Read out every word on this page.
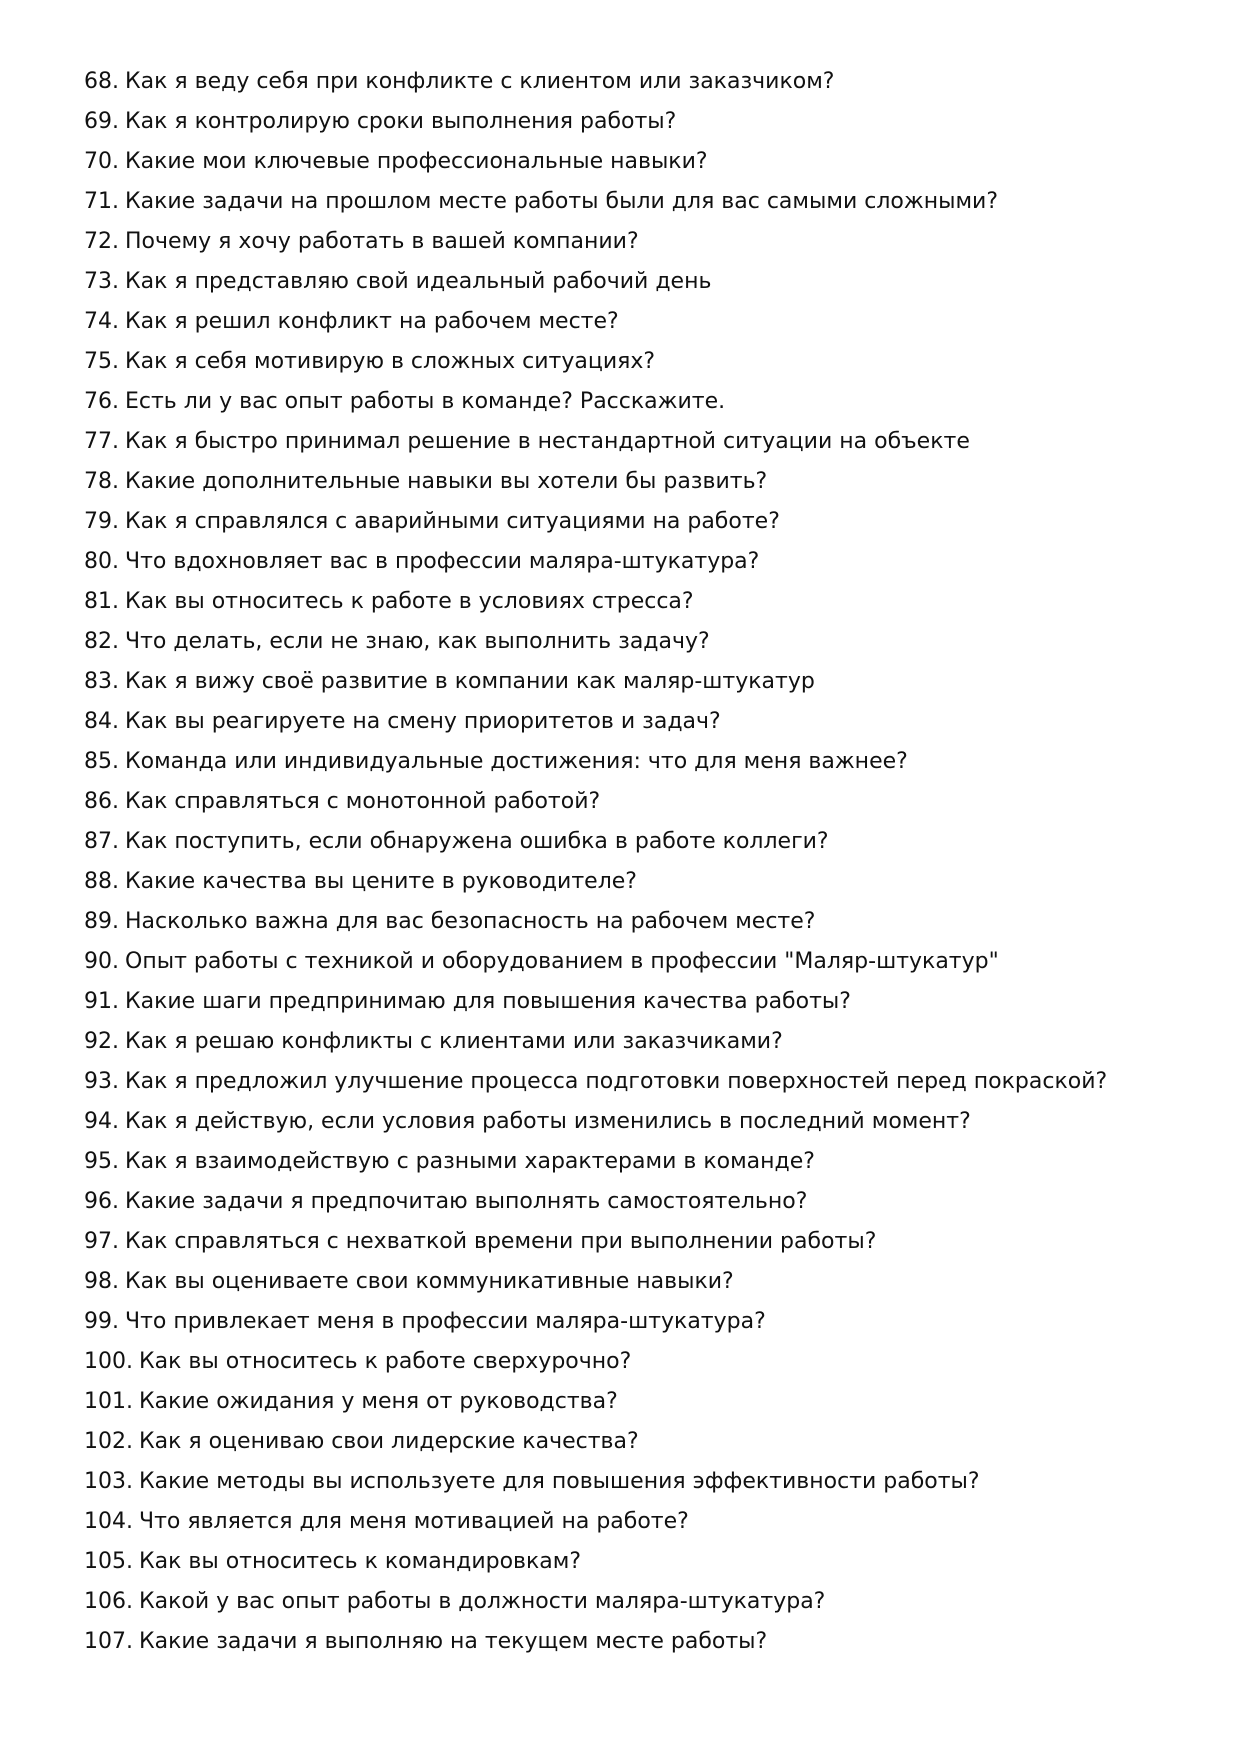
68. Как я веду себя при конфликте с клиентом или заказчиком?
69. Как я контролирую сроки выполнения работы?
70. Какие мои ключевые профессиональные навыки?
71. Какие задачи на прошлом месте работы были для вас самыми сложными?
72. Почему я хочу работать в вашей компании?
73. Как я представляю свой идеальный рабочий день
74. Как я решил конфликт на рабочем месте?
75. Как я себя мотивирую в сложных ситуациях?
76. Есть ли у вас опыт работы в команде? Расскажите.
77. Как я быстро принимал решение в нестандартной ситуации на объекте
78. Какие дополнительные навыки вы хотели бы развить?
79. Как я справлялся с аварийными ситуациями на работе?
80. Что вдохновляет вас в профессии маляра-штукатура?
81. Как вы относитесь к работе в условиях стресса?
82. Что делать, если не знаю, как выполнить задачу?
83. Как я вижу своё развитие в компании как маляр-штукатур
84. Как вы реагируете на смену приоритетов и задач?
85. Команда или индивидуальные достижения: что для меня важнее?
86. Как справляться с монотонной работой?
87. Как поступить, если обнаружена ошибка в работе коллеги?
88. Какие качества вы цените в руководителе?
89. Насколько важна для вас безопасность на рабочем месте?
90. Опыт работы с техникой и оборудованием в профессии "Маляр-штукатур"
91. Какие шаги предпринимаю для повышения качества работы?
92. Как я решаю конфликты с клиентами или заказчиками?
93. Как я предложил улучшение процесса подготовки поверхностей перед покраской?
94. Как я действую, если условия работы изменились в последний момент?
95. Как я взаимодействую с разными характерами в команде?
96. Какие задачи я предпочитаю выполнять самостоятельно?
97. Как справляться с нехваткой времени при выполнении работы?
98. Как вы оцениваете свои коммуникативные навыки?
99. Что привлекает меня в профессии маляра-штукатура?
100. Как вы относитесь к работе сверхурочно?
101. Какие ожидания у меня от руководства?
102. Как я оцениваю свои лидерские качества?
103. Какие методы вы используете для повышения эффективности работы?
104. Что является для меня мотивацией на работе?
105. Как вы относитесь к командировкам?
106. Какой у вас опыт работы в должности маляра-штукатура?
107. Какие задачи я выполняю на текущем месте работы?
